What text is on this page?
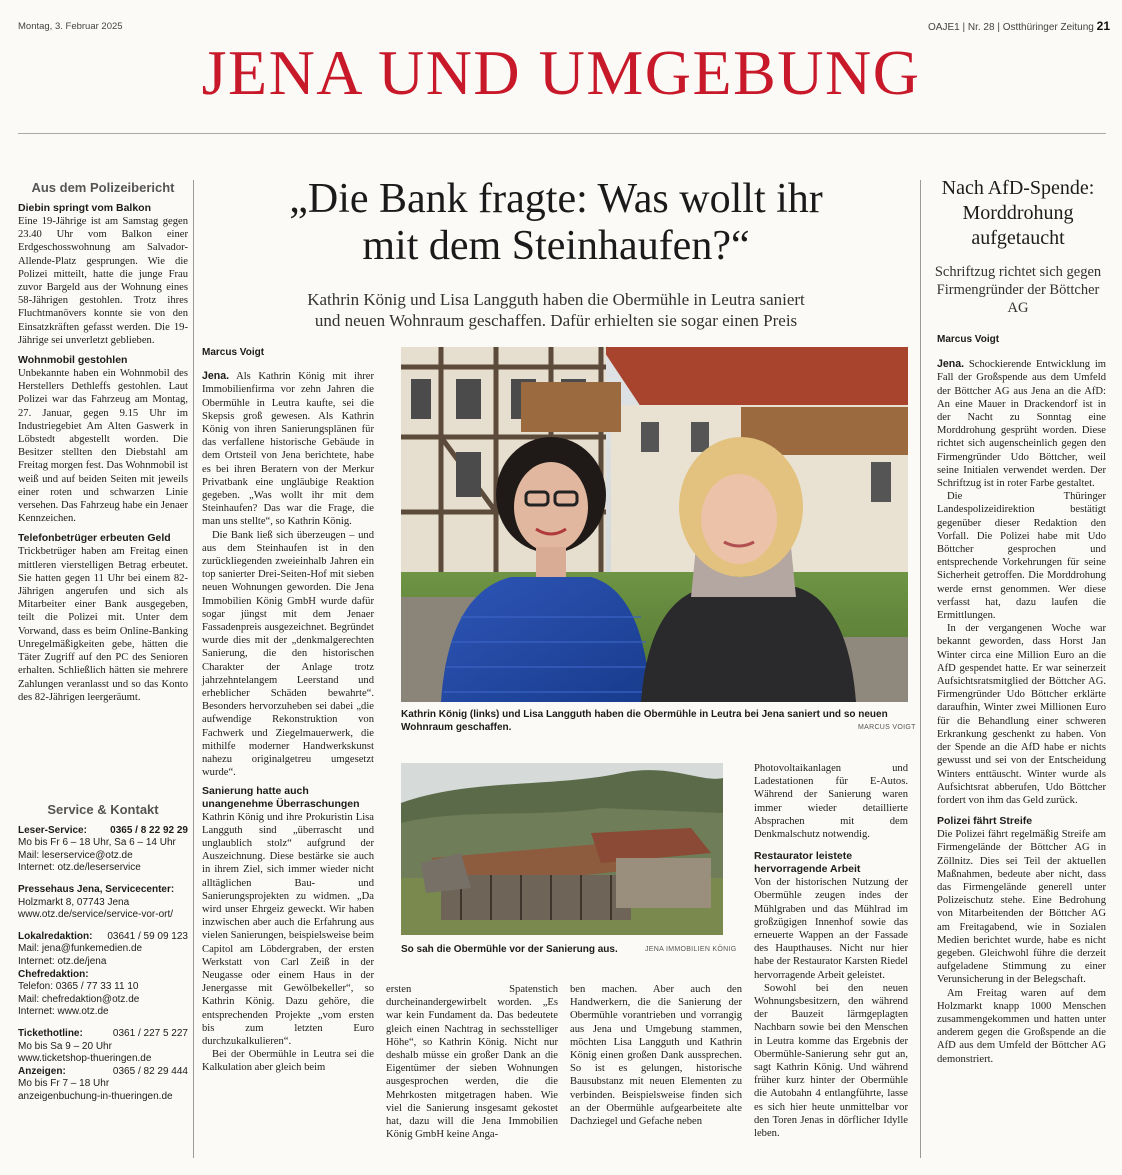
Montag, 3. Februar 2025	OAJE1 | Nr. 28 | Ostthüringer Zeitung 21
JENA UND UMGEBUNG
Aus dem Polizeibericht
Diebin springt vom Balkon

Eine 19-Jährige ist am Samstag gegen 23.40 Uhr vom Balkon einer Erdgeschosswohnung am Salvador-Allende-Platz gesprungen. Wie die Polizei mitteilt, hatte die junge Frau zuvor Bargeld aus der Wohnung eines 58-Jährigen gestohlen. Trotz ihres Fluchtmanövers konnte sie von den Einsatzkräften gefasst werden. Die 19-Jährige sei unverletzt geblieben.

Wohnmobil gestohlen

Unbekannte haben ein Wohnmobil des Herstellers Dethleffs gestohlen. Laut Polizei war das Fahrzeug am Montag, 27. Januar, gegen 9.15 Uhr im Industriegebiet Am Alten Gaswerk in Löbstedt abgestellt worden. Die Besitzer stellten den Diebstahl am Freitag morgen fest. Das Wohnmobil ist weiß und auf beiden Seiten mit jeweils einer roten und schwarzen Linie versehen. Das Fahrzeug habe ein Jenaer Kennzeichen.

Telefonbetrüger erbeuten Geld

Trickbetrüger haben am Freitag einen mittleren vierstelligen Betrag erbeutet. Sie hatten gegen 11 Uhr bei einem 82-Jährigen angerufen und sich als Mitarbeiter einer Bank ausgegeben, teilt die Polizei mit. Unter dem Vorwand, dass es beim Online-Banking Unregelmäßigkeiten gebe, hätten die Täter Zugriff auf den PC des Senioren erhalten. Schließlich hätten sie mehrere Zahlungen veranlasst und so das Konto des 82-Jährigen leergeräumt.

Service & Kontakt
Leser-Service: 0365 / 8 22 92 29
Mo bis Fr 6 – 18 Uhr, Sa 6 – 14 Uhr
Mail: leserservice@otz.de
Internet: otz.de/leserservice
Pressehaus Jena, Servicecenter:
Holzmarkt 8, 07743 Jena
www.otz.de/service/service-vor-ort/
Lokalredaktion: 03641 / 59 09 123
Mail: jena@funkemedien.de
Internet: otz.de/jena
Chefredaktion:
Telefon: 0365 / 77 33 11 10
Mail: chefredaktion@otz.de
Internet: www.otz.de
Tickethotline:	0361 / 227 5 227
Mo bis Sa 9 – 20 Uhr
www.ticketshop-thueringen.de
Anzeigen:	0365 / 82 29 444
Mo bis Fr 7 – 18 Uhr
anzeigenbuchung-in-thueringen.de
„Die Bank fragte: Was wollt ihr
mit dem Steinhaufen?“
Kathrin König und Lisa Langguth haben die Obermühle in Leutra saniert
und neuen Wohnraum geschaffen. Dafür erhielten sie sogar einen Preis
Marcus Voigt

Jena. Als Kathrin König mit ihrer Immobilienfirma vor zehn Jahren die Obermühle in Leutra kaufte, sei die Skepsis groß gewesen. Als Kathrin König von ihren Sanierungsplänen für das verfallene historische Gebäude in dem Ortsteil von Jena berichtete, habe es bei ihren Beratern von der Merkur Privatbank eine ungläubige Reaktion gegeben. „Was wollt ihr mit dem Steinhaufen? Das war die Frage, die man uns stellte“, so Kathrin König.

Die Bank ließ sich überzeugen – und aus dem Steinhaufen ist in den zurückliegenden zweieinhalb Jahren ein top sanierter Drei-Seiten-Hof mit sieben neuen Wohnungen geworden. Die Jena Immobilien König GmbH wurde dafür sogar jüngst mit dem Jenaer Fassadenpreis ausgezeichnet. Begründet wurde dies mit der „denkmalgerechten Sanierung, die den historischen Charakter der Anlage trotz jahrzehntelangem Leerstand und erheblicher Schäden bewahrte“. Besonders hervorzuheben sei dabei „die aufwendige Rekonstruktion von Fachwerk und Ziegelmauerwerk, die mithilfe moderner Handwerkskunst nahezu originalgetreu umgesetzt wurde“.

Sanierung hatte auch unangenehme Überraschungen

Kathrin König und ihre Prokuristin Lisa Langguth sind „überrascht und unglaublich stolz“ aufgrund der Auszeichnung. Diese bestärke sie auch in ihrem Ziel, sich immer wieder nicht alltäglichen Bau- und Sanierungsprojekten zu widmen. „Da wird unser Ehrgeiz geweckt. Wir haben inzwischen aber auch die Erfahrung aus vielen Sanierungen, beispielsweise beim Capitol am Löbdergraben, der ersten Werkstatt von Carl Zeiß in der Neugasse oder einem Haus in der Jenergasse mit Gewölbekeller“, so Kathrin König. Dazu gehöre, die entsprechenden Projekte „vom ersten bis zum letzten Euro durchzukalkulieren“.

Bei der Obermühle in Leutra sei die Kalkulation aber gleich beim

Kathrin König (links) und Lisa Langguth haben die Obermühle in Leutra bei Jena saniert und so neuen Wohnraum geschaffen.	MARCUS VOIGT
So sah die Obermühle vor der Sanierung aus.	JENA IMMOBILIEN KÖNIG

ersten Spatenstich durcheinandergewirbelt worden. „Es war kein Fundament da. Das bedeutete gleich einen Nachtrag in sechsstelliger Höhe“, so Kathrin König. Nicht nur deshalb müsse ein großer Dank an die Eigentümer der sieben Wohnungen ausgesprochen werden, die die Mehrkosten mitgetragen haben. Wie viel die Sanierung insgesamt gekostet hat, dazu will die Jena Immobilien König GmbH keine Anga-

ben machen. Aber auch den Handwerkern, die die Sanierung der Obermühle vorantrieben und vorrangig aus Jena und Umgebung stammen, möchten Lisa Langguth und Kathrin König einen großen Dank aussprechen. So ist es gelungen, historische Bausubstanz mit neuen Elementen zu verbinden. Beispielsweise finden sich an der Obermühle aufgearbeitete alte Dachziegel und Gefache neben

Photovoltaikanlagen und Ladestationen für E-Autos. Während der Sanierung waren immer wieder detaillierte Absprachen mit dem Denkmalschutz notwendig.

Restaurator leistete hervorragende Arbeit

Von der historischen Nutzung der Obermühle zeugen indes der Mühlgraben und das Mühlrad im großzügigen Innenhof sowie das erneuerte Wappen an der Fassade des Haupthauses. Nicht nur hier habe der Restaurator Karsten Riedel hervorragende Arbeit geleistet.

Sowohl bei den neuen Wohnungsbesitzern, den während der Bauzeit lärmgeplagten Nachbarn sowie bei den Menschen in Leutra komme das Ergebnis der Obermühle-Sanierung sehr gut an, sagt Kathrin König. Und während früher kurz hinter der Obermühle die Autobahn 4 entlangführte, lasse es sich hier heute unmittelbar vor den Toren Jenas in dörflicher Idylle leben.

Nach AfD-Spende: Morddrohung aufgetaucht
Schriftzug richtet sich gegen Firmengründer der Böttcher AG
Marcus Voigt

Jena. Schockierende Entwicklung im Fall der Großspende aus dem Umfeld der Böttcher AG aus Jena an die AfD: An eine Mauer in Drackendorf ist in der Nacht zu Sonntag eine Morddrohung gesprüht worden. Diese richtet sich augenscheinlich gegen den Firmengründer Udo Böttcher, weil seine Initialen verwendet werden. Der Schriftzug ist in roter Farbe gestaltet.

Die Thüringer Landespolizeidirektion bestätigt gegenüber dieser Redaktion den Vorfall. Die Polizei habe mit Udo Böttcher gesprochen und entsprechende Vorkehrungen für seine Sicherheit getroffen. Die Morddrohung werde ernst genommen. Wer diese verfasst hat, dazu laufen die Ermittlungen.

In der vergangenen Woche war bekannt geworden, dass Horst Jan Winter circa eine Million Euro an die AfD gespendet hatte. Er war seinerzeit Aufsichtsratsmitglied der Böttcher AG. Firmengründer Udo Böttcher erklärte daraufhin, Winter zwei Millionen Euro für die Behandlung einer schweren Erkrankung geschenkt zu haben. Von der Spende an die AfD habe er nichts gewusst und sei von der Entscheidung Winters enttäuscht. Winter wurde als Aufsichtsrat abberufen, Udo Böttcher fordert von ihm das Geld zurück.

Polizei fährt Streife

Die Polizei fährt regelmäßig Streife am Firmengelände der Böttcher AG in Zöllnitz. Dies sei Teil der aktuellen Maßnahmen, bedeute aber nicht, dass das Firmengelände generell unter Polizeischutz stehe. Eine Bedrohung von Mitarbeitenden der Böttcher AG am Freitagabend, wie in Sozialen Medien berichtet wurde, habe es nicht gegeben. Gleichwohl führe die derzeit aufgeladene Stimmung zu einer Verunsicherung in der Belegschaft.

Am Freitag waren auf dem Holzmarkt knapp 1000 Menschen zusammengekommen und hatten unter anderem gegen die Großspende an die AfD aus dem Umfeld der Böttcher AG demonstriert.
